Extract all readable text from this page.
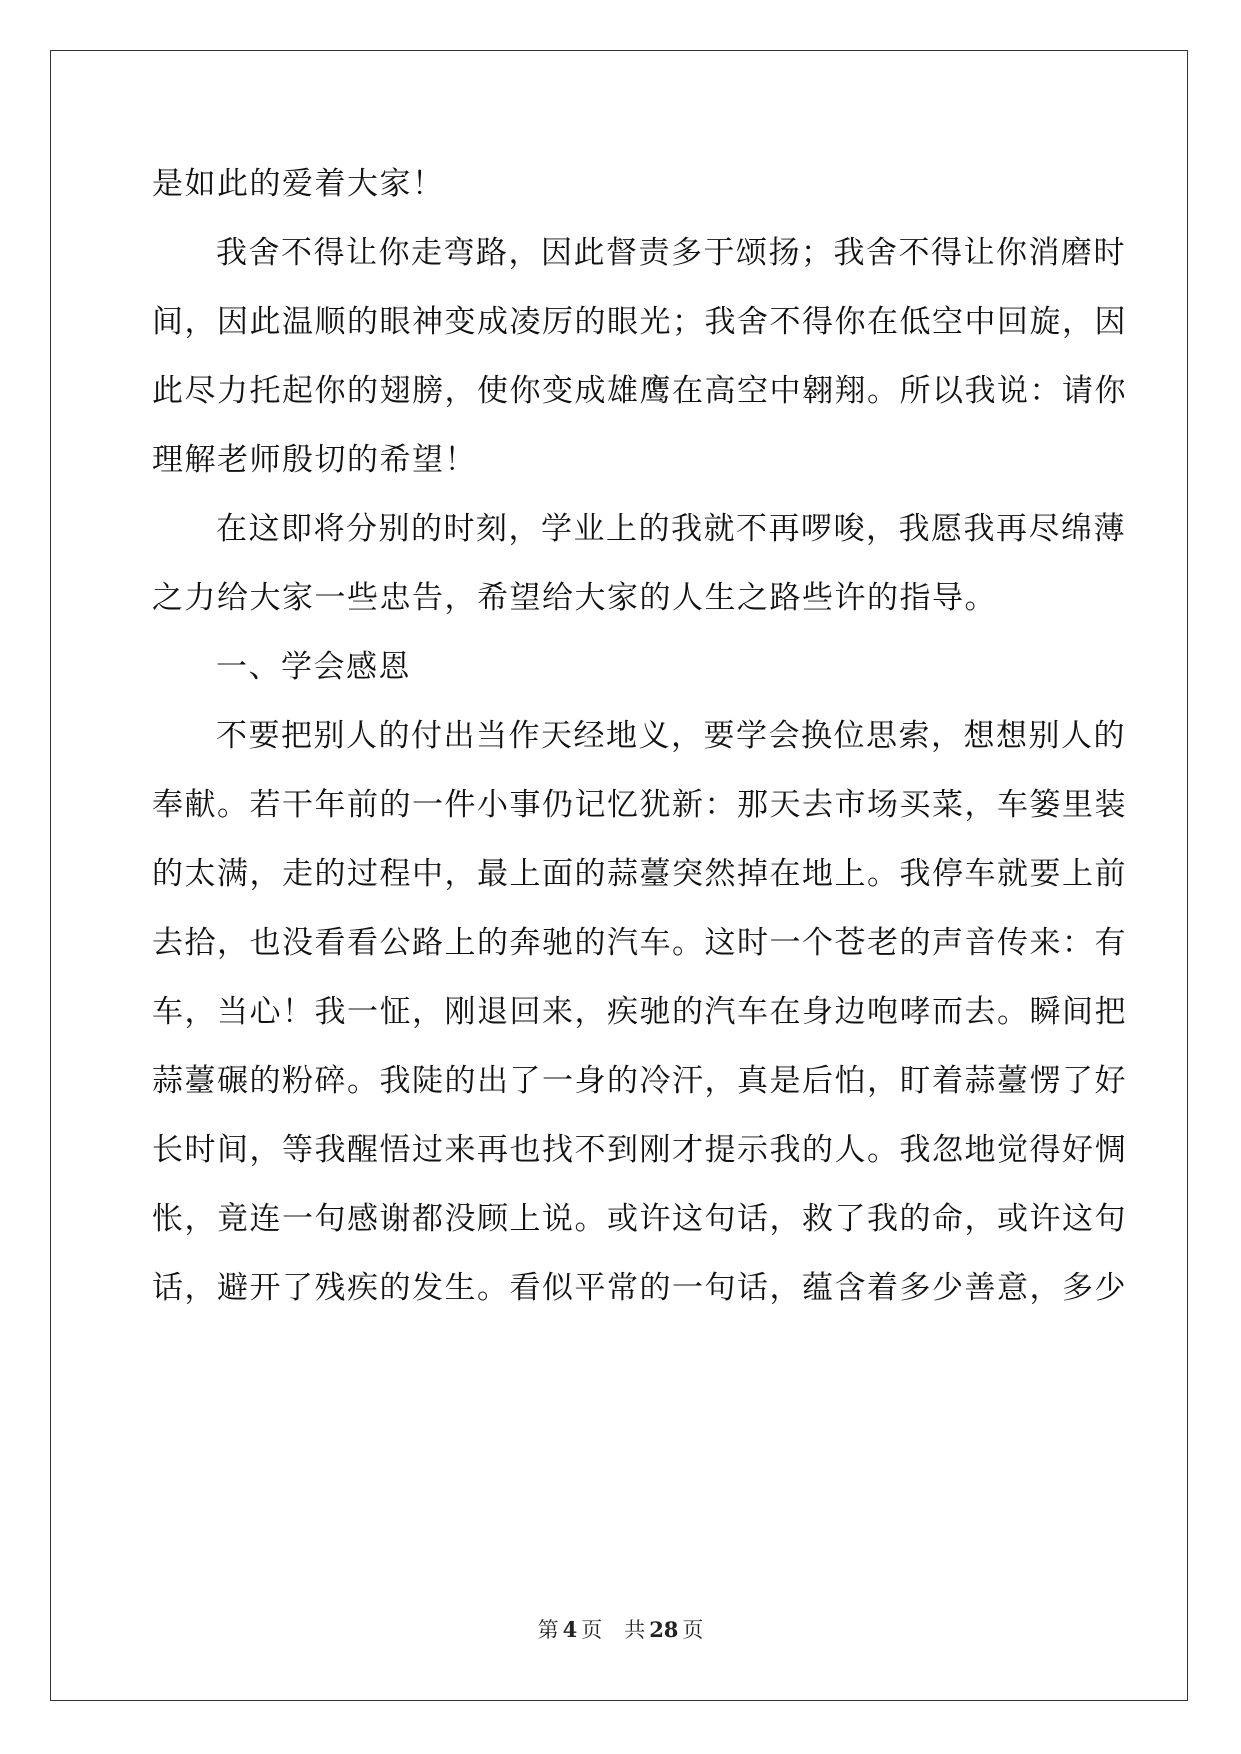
是如此的爱着大家！
我舍不得让你走弯路，因此督责多于颂扬；我舍不得让你消磨时
间，因此温顺的眼神变成凌厉的眼光；我舍不得你在低空中回旋，因
此尽力托起你的翅膀，使你变成雄鹰在高空中翱翔。所以我说：请你
理解老师殷切的希望！
在这即将分别的时刻，学业上的我就不再啰唆，我愿我再尽绵薄
之力给大家一些忠告，希望给大家的人生之路些许的指导。
一、学会感恩
不要把别人的付出当作天经地义，要学会换位思索，想想别人的
奉献。若干年前的一件小事仍记忆犹新：那天去市场买菜，车篓里装
的太满，走的过程中，最上面的蒜薹突然掉在地上。我停车就要上前
去拾，也没看看公路上的奔驰的汽车。这时一个苍老的声音传来：有
车，当心！我一怔，刚退回来，疾驰的汽车在身边咆哮而去。瞬间把
蒜薹碾的粉碎。我陡的出了一身的冷汗，真是后怕，盯着蒜薹愣了好
长时间，等我醒悟过来再也找不到刚才提示我的人。我忽地觉得好惆
怅，竟连一句感谢都没顾上说。或许这句话，救了我的命，或许这句
话，避开了残疾的发生。看似平常的一句话，蕴含着多少善意，多少
第 4 页 共 28 页
